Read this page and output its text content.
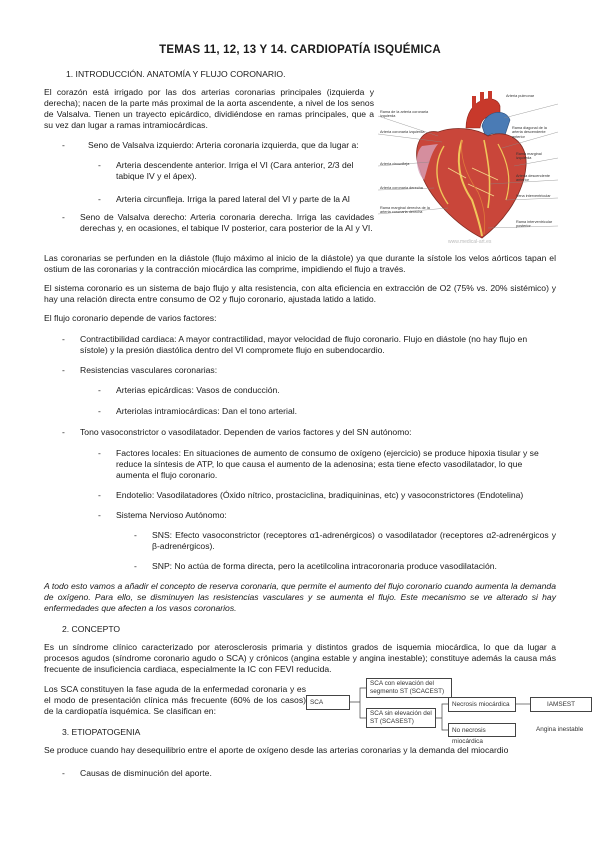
TEMAS 11, 12, 13 Y 14. CARDIOPATÍA ISQUÉMICA
1. INTRODUCCIÓN. ANATOMÍA Y FLUJO CORONARIO.
El corazón está irrigado por las dos arterias coronarias principales (izquierda y derecha); nacen de la parte más proximal de la aorta ascendente, a nivel de los senos de Valsalva. Tienen un trayecto epicárdico, dividiéndose en ramas principales, que a su vez dan lugar a ramas intramiocárdicas.
-	Seno de Valsalva izquierdo: Arteria coronaria izquierda, que da lugar a:
- Arteria descendente anterior. Irriga el VI (Cara anterior, 2/3 del tabique IV y el ápex).
- Arteria circunfleja. Irriga la pared lateral del VI y parte de la AI
- Seno de Valsalva derecho: Arteria coronaria derecha. Irriga las cavidades derechas y, en ocasiones, el tabique IV posterior, cara posterior de la AI y VI.
www.medical-art.es
Rama de la arteria coronaria izquierda
Arteria coronaria izquierda
Arteria circunfleja
Arteria coronaria derecha
Rama marginal derecha de la arteria coronaria derecha
Arteria pulmonar
Rama diagonal de la arteria descendente anterior
Rama marginal izquierda
Arteria descendente anterior
Vena interventricular
Rama interventricular posterior
Las coronarias se perfunden en la diástole (flujo máximo al inicio de la diástole) ya que durante la sístole los velos aórticos tapan el ostium de las coronarias y la contracción miocárdica las comprime, impidiendo el flujo a través.
El sistema coronario es un sistema de bajo flujo y alta resistencia, con alta eficiencia en extracción de O2 (75% vs. 20% sistémico) y hay una relación directa entre consumo de O2 y flujo coronario, ajustada latido a latido.
El flujo coronario depende de varios factores:
- Contractibilidad cardiaca: A mayor contractilidad, mayor velocidad de flujo coronario. Flujo en diástole (no hay flujo en sístole) y la presión diastólica dentro del VI compromete flujo en subendocardio.
- Resistencias vasculares coronarias:
- Arterias epicárdicas: Vasos de conducción.
- Arteriolas intramiocárdicas: Dan el tono arterial.
- Tono vasoconstrictor o vasodilatador. Dependen de varios factores y del SN autónomo:
- Factores locales: En situaciones de aumento de consumo de oxígeno (ejercicio) se produce hipoxia tisular y se reduce la síntesis de ATP, lo que causa el aumento de la adenosina; esta tiene efecto vasodilatador, lo que aumenta el flujo coronario.
- Endotelio: Vasodilatadores (Óxido nítrico, prostaciclina, bradiquininas, etc) y vasoconstrictores (Endotelina)
- Sistema Nervioso Autónomo:
- SNS: Efecto vasoconstrictor (receptores α1-adrenérgicos) o vasodilatador (receptores α2-adrenérgicos y β-adrenérgicos).
- SNP: No actúa de forma directa, pero la acetilcolina intracoronaria produce vasodilatación.
A todo esto vamos a añadir el concepto de reserva coronaria, que permite el aumento del flujo coronario cuando aumenta la demanda de oxígeno. Para ello, se disminuyen las resistencias vasculares y se aumenta el flujo. Este mecanismo se ve alterado si hay enfermedades que afecten a los vasos coronarios.
2. CONCEPTO
Es un síndrome clínico caracterizado por aterosclerosis primaria y distintos grados de isquemia miocárdica, lo que da lugar a procesos agudos (síndrome coronario agudo o SCA) y crónicos (angina estable y angina inestable); constituye además la causa más frecuente de insuficiencia cardiaca, especialmente la IC con FEVI reducida.
Los SCA constituyen la fase aguda de la enfermedad coronaria y es el modo de presentación clínica más frecuente (60% de los casos) de la cardiopatía isquémica. Se clasifican en:
SCA
SCA con elevación del segmento ST (SCACEST)
SCA sin elevación del ST (SCASEST)
Necrosis miocárdica	IAMSEST
No necrosis miocárdica
Angina inestable
3. ETIOPATOGENIA
Se produce cuando hay desequilibrio entre el aporte de oxígeno desde las arterias coronarias y la demanda del miocardio
- Causas de disminución del aporte.
